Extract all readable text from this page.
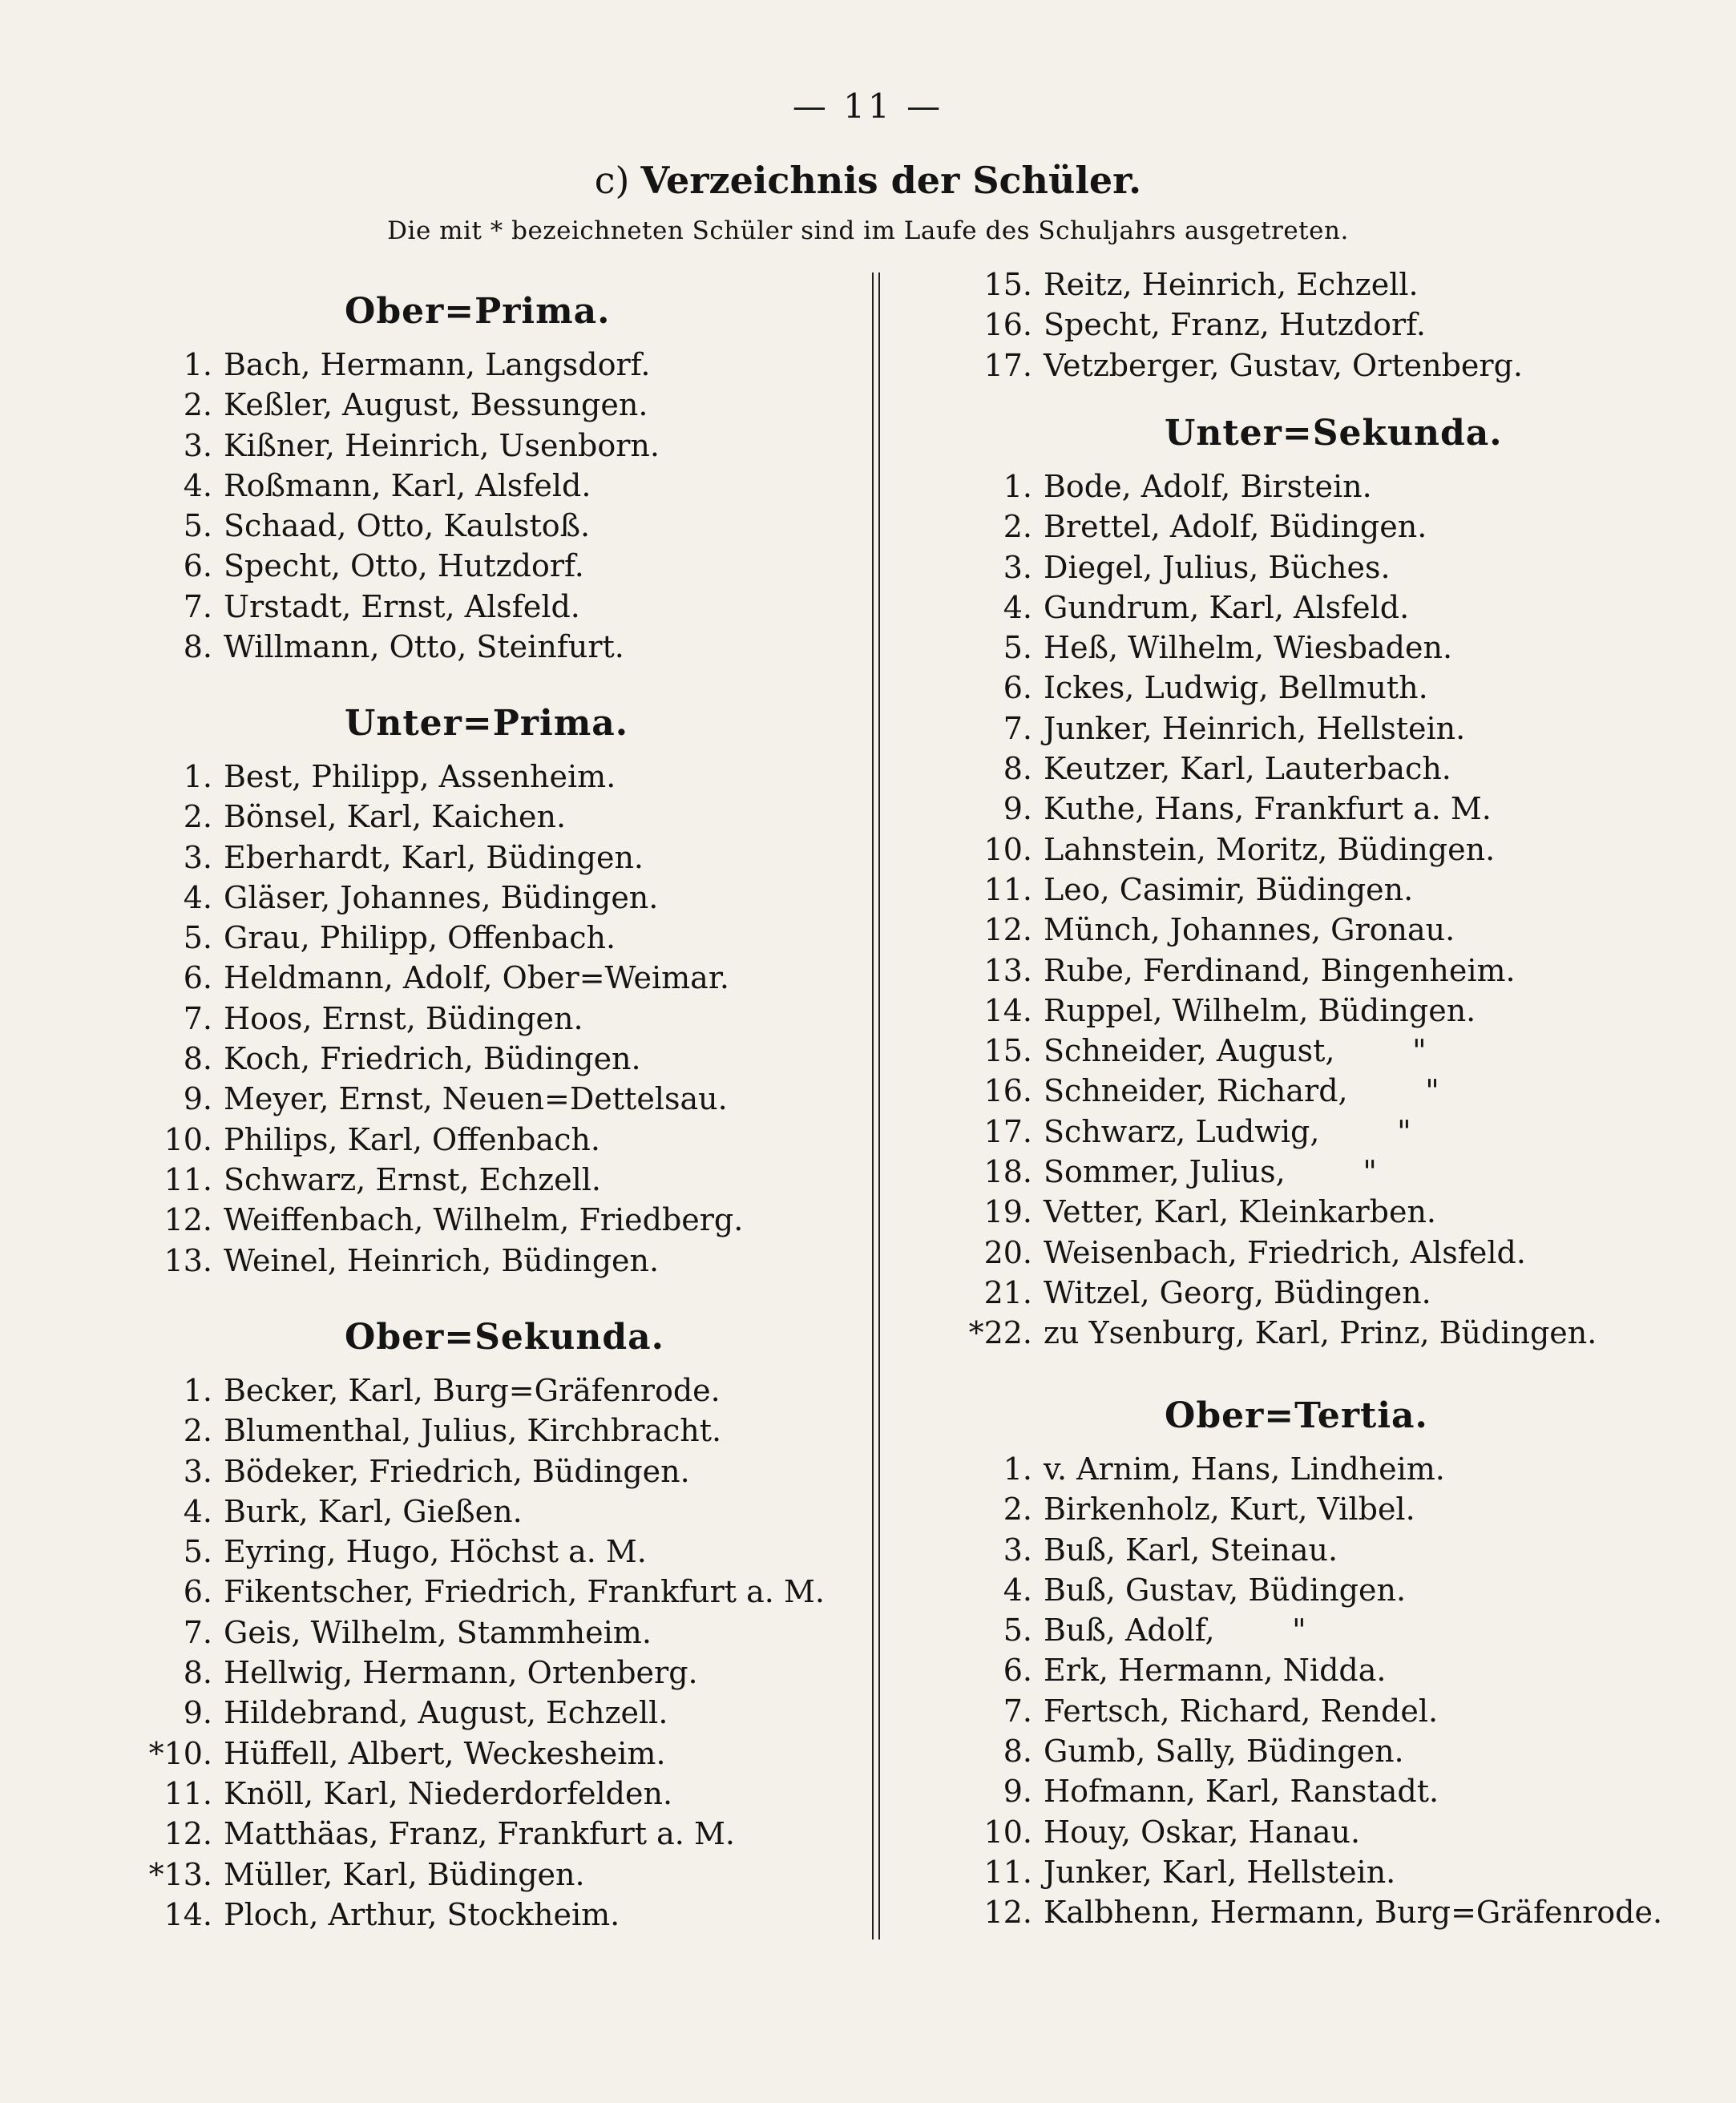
— 11 —
c) Verzeichnis der Schüler.
Die mit * bezeichneten Schüler sind im Laufe des Schuljahrs ausgetreten.
Ober=Prima.
1. Bach, Hermann, Langsdorf.
2. Keßler, August, Bessungen.
3. Kißner, Heinrich, Usenborn.
4. Roßmann, Karl, Alsfeld.
5. Schaad, Otto, Kaulstoß.
6. Specht, Otto, Hutzdorf.
7. Urstadt, Ernst, Alsfeld.
8. Willmann, Otto, Steinfurt.
Unter=Prima.
1. Best, Philipp, Assenheim.
2. Bönsel, Karl, Kaichen.
3. Eberhardt, Karl, Büdingen.
4. Gläser, Johannes, Büdingen.
5. Grau, Philipp, Offenbach.
6. Heldmann, Adolf, Ober=Weimar.
7. Hoos, Ernst, Büdingen.
8. Koch, Friedrich, Büdingen.
9. Meyer, Ernst, Neuen=Dettelsau.
10. Philips, Karl, Offenbach.
11. Schwarz, Ernst, Echzell.
12. Weiffenbach, Wilhelm, Friedberg.
13. Weinel, Heinrich, Büdingen.
Ober=Sekunda.
1. Becker, Karl, Burg=Gräfenrode.
2. Blumenthal, Julius, Kirchbracht.
3. Bödeker, Friedrich, Büdingen.
4. Burk, Karl, Gießen.
5. Eyring, Hugo, Höchst a. M.
6. Fikentscher, Friedrich, Frankfurt a. M.
7. Geis, Wilhelm, Stammheim.
8. Hellwig, Hermann, Ortenberg.
9. Hildebrand, August, Echzell.
*10. Hüffell, Albert, Weckesheim.
11. Knöll, Karl, Niederdorfelden.
12. Matthäas, Franz, Frankfurt a. M.
*13. Müller, Karl, Büdingen.
14. Ploch, Arthur, Stockheim.
15. Reitz, Heinrich, Echzell.
16. Specht, Franz, Hutzdorf.
17. Vetzberger, Gustav, Ortenberg.
Unter=Sekunda.
1. Bode, Adolf, Birstein.
2. Brettel, Adolf, Büdingen.
3. Diegel, Julius, Büches.
4. Gundrum, Karl, Alsfeld.
5. Heß, Wilhelm, Wiesbaden.
6. Ickes, Ludwig, Bellmuth.
7. Junker, Heinrich, Hellstein.
8. Keutzer, Karl, Lauterbach.
9. Kuthe, Hans, Frankfurt a. M.
10. Lahnstein, Moritz, Büdingen.
11. Leo, Casimir, Büdingen.
12. Münch, Johannes, Gronau.
13. Rube, Ferdinand, Bingenheim.
14. Ruppel, Wilhelm, Büdingen.
15. Schneider, August,        "
16. Schneider, Richard,        "
17. Schwarz, Ludwig,        "
18. Sommer, Julius,        "
19. Vetter, Karl, Kleinkarben.
20. Weisenbach, Friedrich, Alsfeld.
21. Witzel, Georg, Büdingen.
*22. zu Ysenburg, Karl, Prinz, Büdingen.
Ober=Tertia.
1. v. Arnim, Hans, Lindheim.
2. Birkenholz, Kurt, Vilbel.
3. Buß, Karl, Steinau.
4. Buß, Gustav, Büdingen.
5. Buß, Adolf,        "
6. Erk, Hermann, Nidda.
7. Fertsch, Richard, Rendel.
8. Gumb, Sally, Büdingen.
9. Hofmann, Karl, Ranstadt.
10. Houy, Oskar, Hanau.
11. Junker, Karl, Hellstein.
12. Kalbhenn, Hermann, Burg=Gräfenrode.
